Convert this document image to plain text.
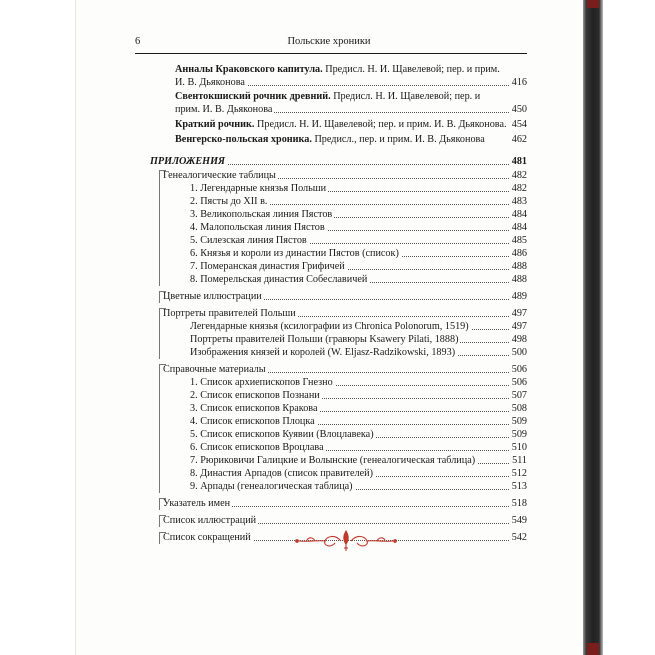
6	Польские хроники
Анналы Краковского капитула. Предисл. Н. И. Щавелевой; пер. и прим.
И. В. Дьяконова	416
Свентокшиский рочник древний. Предисл. Н. И. Щавелевой; пер. и
прим. И. В. Дьяконова	450
Краткий рочник. Предисл. Н. И. Щавелевой; пер. и прим. И. В. Дьяконова. 454
Венгерско-польская хроника. Предисл., пер. и прим. И. В. Дьяконова	462
ПРИЛОЖЕНИЯ	481
Генеалогические таблицы	482
1. Легендарные князья Польши	482
2. Пясты до XII в.	483
3. Великопольская линия Пястов	484
4. Малопольская линия Пястов	484
5. Силезская линия Пястов	485
6. Князья и короли из династии Пястов (список)	486
7. Померанская династия Грифичей	488
8. Померельская династия Собеславичей	488
Цветные иллюстрации	489
Портреты правителей Польши	497
Легендарные князья (ксилографии из Chronica Polonorum, 1519)	497
Портреты правителей Польши (гравюры Ksawery Pilati, 1888)	498
Изображения князей и королей (W. Eljasz-Radzikowski, 1893)	500
Справочные материалы	506
1. Список архиепископов Гнезно	506
2. Список епископов Познани	507
3. Список епископов Кракова	508
4. Список епископов Плоцка	509
5. Список епископов Куявии (Влоцлавека)	509
6. Список епископов Вроцлава	510
7. Рюриковичи Галицкие и Волынские (генеалогическая таблица)	511
8. Династия Арпадов (список правителей)	512
9. Арпады (генеалогическая таблица)	513
Указатель имен	518
Список иллюстраций	549
Список сокращений	542
